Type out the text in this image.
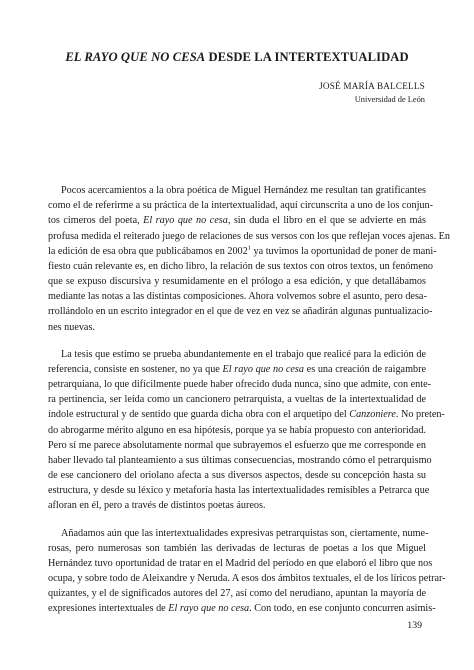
EL RAYO QUE NO CESA DESDE LA INTERTEXTUALIDAD
JOSÉ MARÍA BALCELLS
Universidad de León
Pocos acercamientos a la obra poética de Miguel Hernández me resultan tan gratificantes
como el de referirme a su práctica de la intertextualidad, aquí circunscrita a uno de los conjun-
tos cimeros del poeta, El rayo que no cesa, sin duda el libro en el que se advierte en más
profusa medida el reiterado juego de relaciones de sus versos con los que reflejan voces ajenas. En
la edición de esa obra que publicábamos en 2002$^1$ ya tuvimos la oportunidad de poner de mani-
fiesto cuán relevante es, en dicho libro, la relación de sus textos con otros textos, un fenómeno
que se expuso discursiva y resumidamente en el prólogo a esa edición, y que detallábamos
mediante las notas a las distintas composiciones. Ahora volvemos sobre el asunto, pero desa-
rrollándolo en un escrito integrador en el que de vez en vez se añadirán algunas puntualizacio-
nes nuevas.
La tesis que estimo se prueba abundantemente en el trabajo que realicé para la edición de
referencia, consiste en sostener, no ya que El rayo que no cesa es una creación de raigambre
petrarquiana, lo que difícilmente puede haber ofrecido duda nunca, sino que admite, con ente-
ra pertinencia, ser leída como un cancionero petrarquista, a vueltas de la intertextualidad de
índole estructural y de sentido que guarda dicha obra con el arquetipo del Canzoniere. No preten-
do abrogarme mérito alguno en esa hipótesis, porque ya se había propuesto con anterioridad.
Pero sí me parece absolutamente normal que subrayemos el esfuerzo que me corresponde en
haber llevado tal planteamiento a sus últimas consecuencias, mostrando cómo el petrarquismo
de ese cancionero del oriolano afecta a sus diversos aspectos, desde su concepción hasta su
estructura, y desde su léxico y metaforía hasta las intertextualidades remisibles a Petrarca que
afloran en él, pero a través de distintos poetas áureos.
Añadamos aún que las intertextualidades expresivas petrarquistas son, ciertamente, nume-
rosas, pero numerosas son también las derivadas de lecturas de poetas a los que Miguel
Hernández tuvo oportunidad de tratar en el Madrid del período en que elaboró el libro que nos
ocupa, y sobre todo de Aleixandre y Neruda. A esos dos ámbitos textuales, el de los líricos petrar-
quizantes, y el de significados autores del 27, así como del nerudiano, apuntan la mayoría de
expresiones intertextuales de El rayo que no cesa. Con todo, en ese conjunto concurren asimis-
139
